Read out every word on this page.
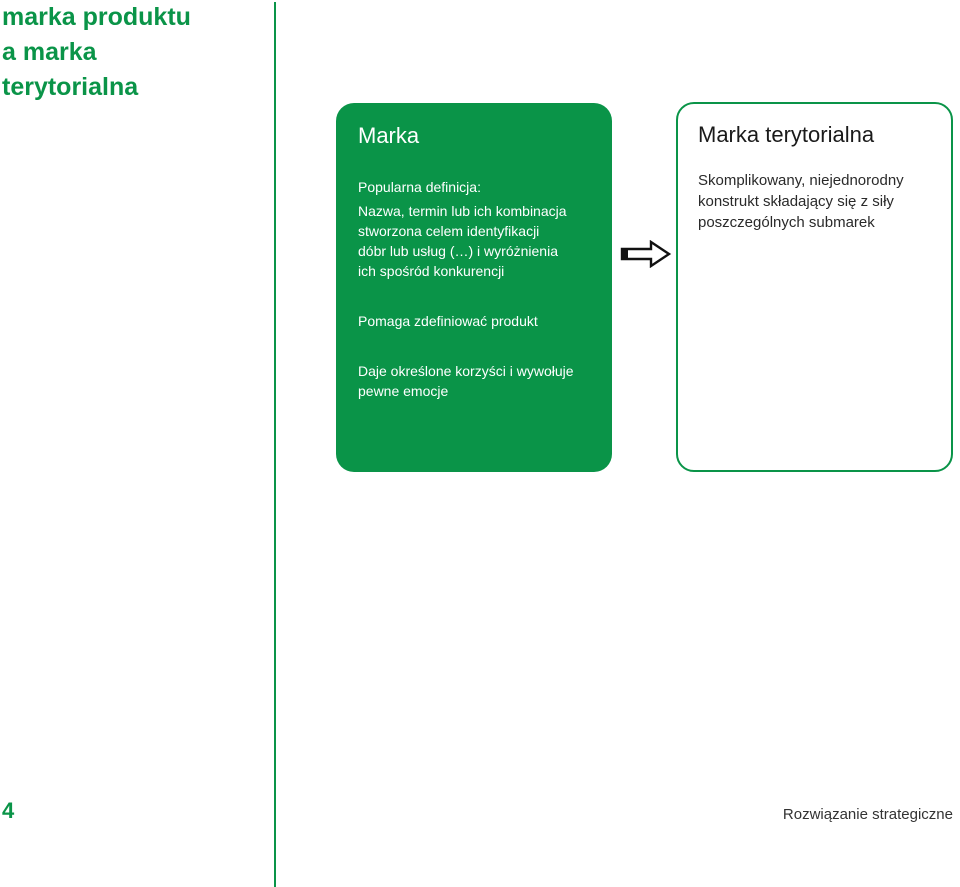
marka produktu
a marka
terytorialna
Marka
Popularna definicja:
Nazwa, termin lub ich kombinacja
stworzona celem identyfikacji
dóbr lub usług (…) i wyróżnienia
ich spośród konkurencji
Pomaga zdefiniować produkt
Daje określone korzyści i wywołuje
pewne emocje
Marka terytorialna
Skomplikowany, niejednorodny
konstrukt składający się z siły
poszczególnych submarek
4	Rozwiązanie strategiczne
